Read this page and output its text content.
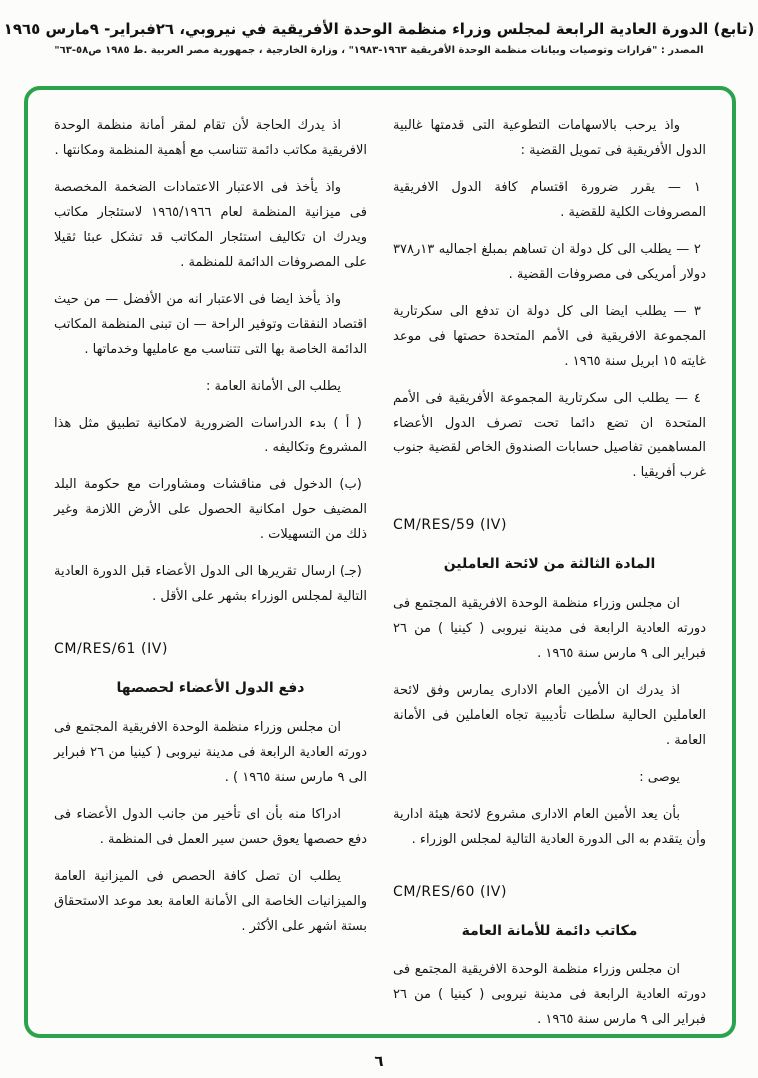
(تابع) الدورة العادية الرابعة لمجلس وزراء منظمة الوحدة الأفريقية في نيروبي، ٢٦فبراير- ٩مارس ١٩٦٥
المصدر : "قرارات وتوصيات وبيانات منظمة الوحدة الأفريقية ١٩٦٣-١٩٨٣" ، وزارة الخارجية ، جمهورية مصر العربية .ط ١٩٨٥ ص٥٨-٦٣"

واذ يرحب بالاسهامات التطوعية التى قدمتها غالبية الدول الأفريقية فى تمويل القضية :

١ — يقرر ضرورة اقتسام كافة الدول الافريقية المصروفات الكلية للقضية .

٢ — يطلب الى كل دولة ان تساهم بمبلغ اجماليه ١٣ر٣٧٨ دولار أمريكى فى مصروفات القضية .

٣ — يطلب ايضا الى كل دولة ان تدفع الى سكرتارية المجموعة الافريقية فى الأمم المتحدة حصتها فى موعد غايته ١٥ ابريل سنة ١٩٦٥ .

٤ — يطلب الى سكرتارية المجموعة الأفريقية فى الأمم المتحدة ان تضع دائما تحت تصرف الدول الأعضاء المساهمين تفاصيل حسابات الصندوق الخاص لقضية جنوب غرب أفريقيا .

CM/RES/59 (IV)

المادة الثالثة من لائحة العاملين

ان مجلس وزراء منظمة الوحدة الافريقية المجتمع فى دورته العادية الرابعة فى مدينة نيروبى ( كينيا ) من ٢٦ فبراير الى ٩ مارس سنة ١٩٦٥ .

اذ يدرك ان الأمين العام الادارى يمارس وفق لائحة العاملين الحالية سلطات تأديبية تجاه العاملين فى الأمانة العامة .

يوصى :

بأن يعد الأمين العام الادارى مشروع لائحة هيئة ادارية وأن يتقدم به الى الدورة العادية التالية لمجلس الوزراء .

CM/RES/60 (IV)

مكاتب دائمة للأمانة العامة

ان مجلس وزراء منظمة الوحدة الافريقية المجتمع فى دورته العادية الرابعة فى مدينة نيروبى ( كينيا ) من ٢٦ فبراير الى ٩ مارس سنة ١٩٦٥ .

اذ يدرك الحاجة لأن تقام لمقر أمانة منظمة الوحدة الافريقية مكاتب دائمة تتناسب مع أهمية المنظمة ومكانتها .

واذ يأخذ فى الاعتبار الاعتمادات الضخمة المخصصة فى ميزانية المنظمة لعام ١٩٦٥/١٩٦٦ لاستئجار مكاتب ويدرك ان تكاليف استئجار المكاتب قد تشكل عبئا ثقيلا على المصروفات الدائمة للمنظمة .

واذ يأخذ ايضا فى الاعتبار انه من الأفضل — من حيث اقتصاد النفقات وتوفير الراحة — ان تبنى المنظمة المكاتب الدائمة الخاصة بها التى تتناسب مع عامليها وخدماتها .

يطلب الى الأمانة العامة :

( أ ) بدء الدراسات الضرورية لامكانية تطبيق مثل هذا المشروع وتكاليفه .

(ب) الدخول فى مناقشات ومشاورات مع حكومة البلد المضيف حول امكانية الحصول على الأرض اللازمة وغير ذلك من التسهيلات .

(جـ) ارسال تقريرها الى الدول الأعضاء قبل الدورة العادية التالية لمجلس الوزراء بشهر على الأقل .

CM/RES/61 (IV)

دفع الدول الأعضاء لحصصها

ان مجلس وزراء منظمة الوحدة الافريقية المجتمع فى دورته العادية الرابعة فى مدينة نيروبى ( كينيا من ٢٦ فبراير الى ٩ مارس سنة ١٩٦٥ ) .

ادراكا منه بأن اى تأخير من جانب الدول الأعضاء فى دفع حصصها يعوق حسن سير العمل فى المنظمة .

يطلب ان تصل كافة الحصص فى الميزانية العامة والميزانيات الخاصة الى الأمانة العامة بعد موعد الاستحقاق بستة اشهر على الأكثر .

٦
